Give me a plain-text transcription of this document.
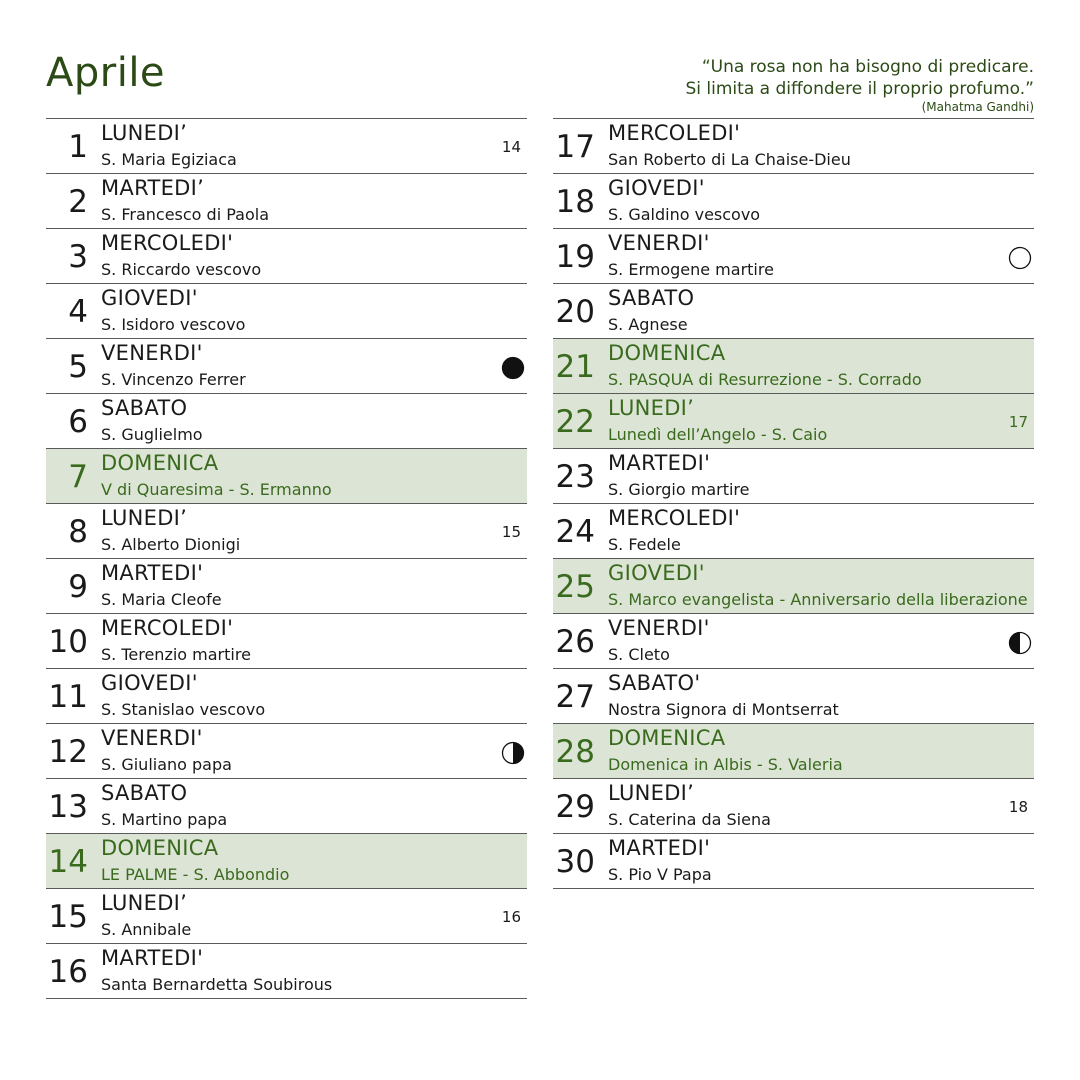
Aprile	“Una rosa non ha bisogno di predicare.
Si limita a diffondere il proprio profumo.”
(Mahatma Gandhi)
1 LUNEDI’
S. Maria Egiziaca
14
2 MARTEDI’
S. Francesco di Paola
3 MERCOLEDI'
S. Riccardo vescovo
4 GIOVEDI'
S. Isidoro vescovo
5 VENERDI'
S. Vincenzo Ferrer
6 SABATO
S. Guglielmo
7 DOMENICA
V di Quaresima - S. Ermanno
8 LUNEDI’
S. Alberto Dionigi
15
9 MARTEDI'
S. Maria Cleofe
10 MERCOLEDI'
S. Terenzio martire
11 GIOVEDI'
S. Stanislao vescovo
12 VENERDI'
S. Giuliano papa
13 SABATO
S. Martino papa
14 DOMENICA
LE PALME - S. Abbondio
15 LUNEDI’
S. Annibale
16
16 MARTEDI'
Santa Bernardetta Soubirous
17 MERCOLEDI'
San Roberto di La Chaise-Dieu
18 GIOVEDI'
S. Galdino vescovo
19 VENERDI'
S. Ermogene martire
20 SABATO
S. Agnese
21 DOMENICA
S. PASQUA di Resurrezione - S. Corrado
22 LUNEDI’
Lunedì dell’Angelo - S. Caio
17
23 MARTEDI'
S. Giorgio martire
24 MERCOLEDI'
S. Fedele
25 GIOVEDI'
S. Marco evangelista - Anniversario della liberazione
26 VENERDI'
S. Cleto
27 SABATO'
Nostra Signora di Montserrat
28 DOMENICA
Domenica in Albis - S. Valeria
29 LUNEDI’
S. Caterina da Siena
18
30 MARTEDI'
S. Pio V Papa
